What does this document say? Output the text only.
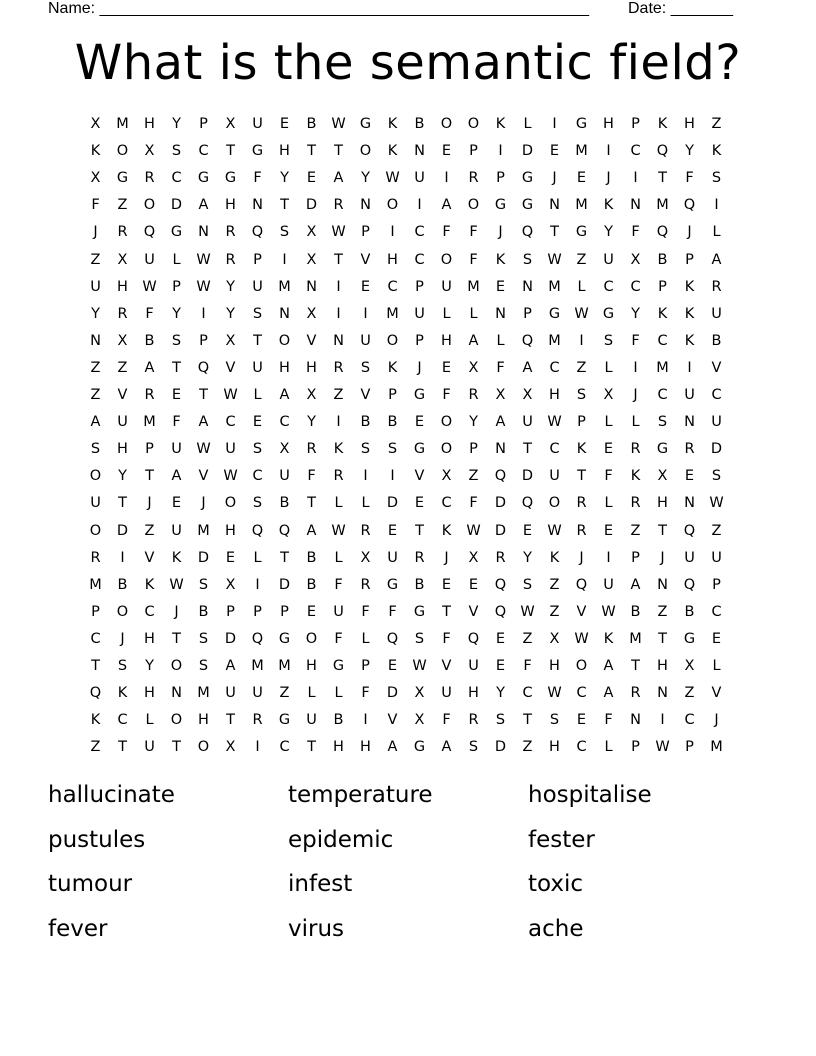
Name: _______________________________________________________ Date: _______
What is the semantic field?
X	M	H	Y	P	X	U	E	B	W G	K	B	O	O	K	L	I	G	H	P	K	H	Z
K	O	X	S	C	T	G	H	T	T	O	K	N	E	P	I	D	E	M	I	C	Q	Y	K
X	G	R	C	G	G	F	Y	E	A	Y	W	U	I	R	P	G	J	E	J	I	T	F	S
F	Z	O	D	A	H	N	T	D	R	N	O	I	A	O	G	G	N	M	K	N	M	Q	I
J	R	Q	G	N	R	Q	S	X	W	P	I	C	F	F	J	Q	T	G	Y	F	Q	J	L
Z	X	U	L	W	R	P	I	X	T	V	H	C	O	F	K	S	W	Z	U	X	B	P	A
U	H W	P	W	Y	U	M	N	I	E	C	P	U	M	E	N	M	L	C	C	P	K	R
Y	R	F	Y	I	Y	S	N	X	I	I	M	U	L	L	N	P	G W G	Y	K	K	U
N	X	B	S	P	X	T	O	V	N	U	O	P	H	A	L	Q	M	I	S	F	C	K	B
Z	Z	A	T	Q	V	U	H	H	R	S	K	J	E	X	F	A	C	Z	L	I	M	I	V
Z	V	R	E	T	W	L	A	X	Z	V	P	G	F	R	X	X	H	S	X	J	C	U	C
A	U	M	F	A	C	E	C	Y	I	B	B	E	O	Y	A	U	W	P	L	L	S	N	U
S	H	P	U	W	U	S	X	R	K	S	S	G	O	P	N	T	C	K	E	R	G	R	D
O	Y	T	A	V	W	C	U	F	R	I	I	V	X	Z	Q	D	U	T	F	K	X	E	S
U	T	J	E	J	O	S	B	T	L	L	D	E	C	F	D	Q	O	R	L	R	H	N W
O	D	Z	U	M	H	Q	Q	A	W	R	E	T	K	W D	E	W	R	E	Z	T	Q	Z
R	I	V	K	D	E	L	T	B	L	X	U	R	J	X	R	Y	K	J	I	P	J	U	U
M	B	K	W	S	X	I	D	B	F	R	G	B	E	E	Q	S	Z	Q	U	A	N	Q	P
P	O	C	J	B	P	P	P	E	U	F	F	G	T	V	Q W	Z	V	W	B	Z	B	C
C	J	H	T	S	D	Q	G	O	F	L	Q	S	F	Q	E	Z	X	W	K	M	T	G	E
T	S	Y	O	S	A	M M	H	G	P	E	W	V	U	E	F	H	O	A	T	H	X	L
Q	K	H	N	M	U	U	Z	L	L	F	D	X	U	H	Y	C	W	C	A	R	N	Z	V
K	C	L	O	H	T	R	G	U	B	I	V	X	F	R	S	T	S	E	F	N	I	C	J
Z	T	U	T	O	X	I	C	T	H	H	A	G	A	S	D	Z	H	C	L	P	W	P	M
hallucinate	temperature	hospitalise
pustules	epidemic	fester
tumour	infest	toxic
fever	virus	ache
